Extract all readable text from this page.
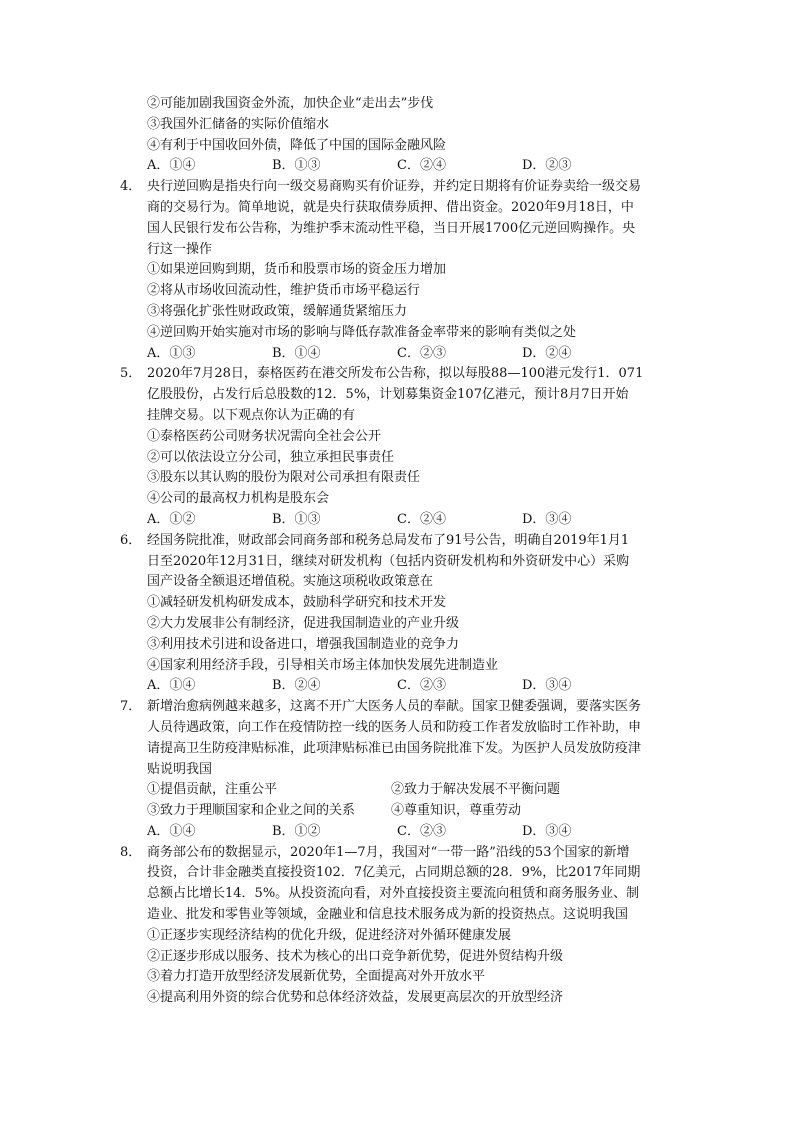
②可能加剧我国资金外流，加快企业“走出去”步伐
③我国外汇储备的实际价值缩水
④有利于中国收回外债，降低了中国的国际金融风险
A．①④	B．①③	C．②④	D．②③
4． 央行逆回购是指央行向一级交易商购买有价证券，并约定日期将有价证券卖给一级交易
商的交易行为。简单地说，就是央行获取债券质押、借出资金。2020年9月18日，中
国人民银行发布公告称，为维护季末流动性平稳，当日开展1700亿元逆回购操作。央
行这一操作
①如果逆回购到期，货币和股票市场的资金压力增加
②将从市场收回流动性，维护货币市场平稳运行
③将强化扩张性财政政策，缓解通货紧缩压力
④逆回购开始实施对市场的影响与降低存款准备金率带来的影响有类似之处
A．①③	B．①④	C．②③	D．②④
5． 2020年7月28日，泰格医药在港交所发布公告称，拟以每股88—100港元发行1．071
亿股股份，占发行后总股数的12．5%，计划募集资金107亿港元，预计8月7日开始
挂牌交易。以下观点你认为正确的有
①泰格医药公司财务状况需向全社会公开
②可以依法设立分公司，独立承担民事责任
③股东以其认购的股份为限对公司承担有限责任
④公司的最高权力机构是股东会
A．①②	B．①③	C．②④	D．③④
6． 经国务院批准，财政部会同商务部和税务总局发布了91号公告，明确自2019年1月1
日至2020年12月31日，继续对研发机构（包括内资研发机构和外资研发中心）采购
国产设备全额退还增值税。实施这项税收政策意在
①减轻研发机构研发成本，鼓励科学研究和技术开发
②大力发展非公有制经济，促进我国制造业的产业升级
③利用技术引进和设备进口，增强我国制造业的竞争力
④国家利用经济手段，引导相关市场主体加快发展先进制造业
A．①④	B．②④	C．②③	D．③④
7． 新增治愈病例越来越多，这离不开广大医务人员的奉献。国家卫健委强调，要落实医务
人员待遇政策，向工作在疫情防控一线的医务人员和防疫工作者发放临时工作补助，申
请提高卫生防疫津贴标准，此项津贴标准已由国务院批准下发。为医护人员发放防疫津
贴说明我国
①提倡贡献，注重公平	②致力于解决发展不平衡问题
③致力于理顺国家和企业之间的关系	④尊重知识，尊重劳动
A．①④	B．①②	C．②③	D．③④
8． 商务部公布的数据显示，2020年1—7月，我国对“一带一路”沿线的53个国家的新增
投资，合计非金融类直接投资102．7亿美元，占同期总额的28．9%，比2017年同期
总额占比增长14．5%。从投资流向看，对外直接投资主要流向租赁和商务服务业、制
造业、批发和零售业等领域，金融业和信息技术服务成为新的投资热点。这说明我国
①正逐步实现经济结构的优化升级，促进经济对外循环健康发展
②正逐步形成以服务、技术为核心的出口竞争新优势，促进外贸结构升级
③着力打造开放型经济发展新优势，全面提高对外开放水平
④提高利用外资的综合优势和总体经济效益，发展更高层次的开放型经济
